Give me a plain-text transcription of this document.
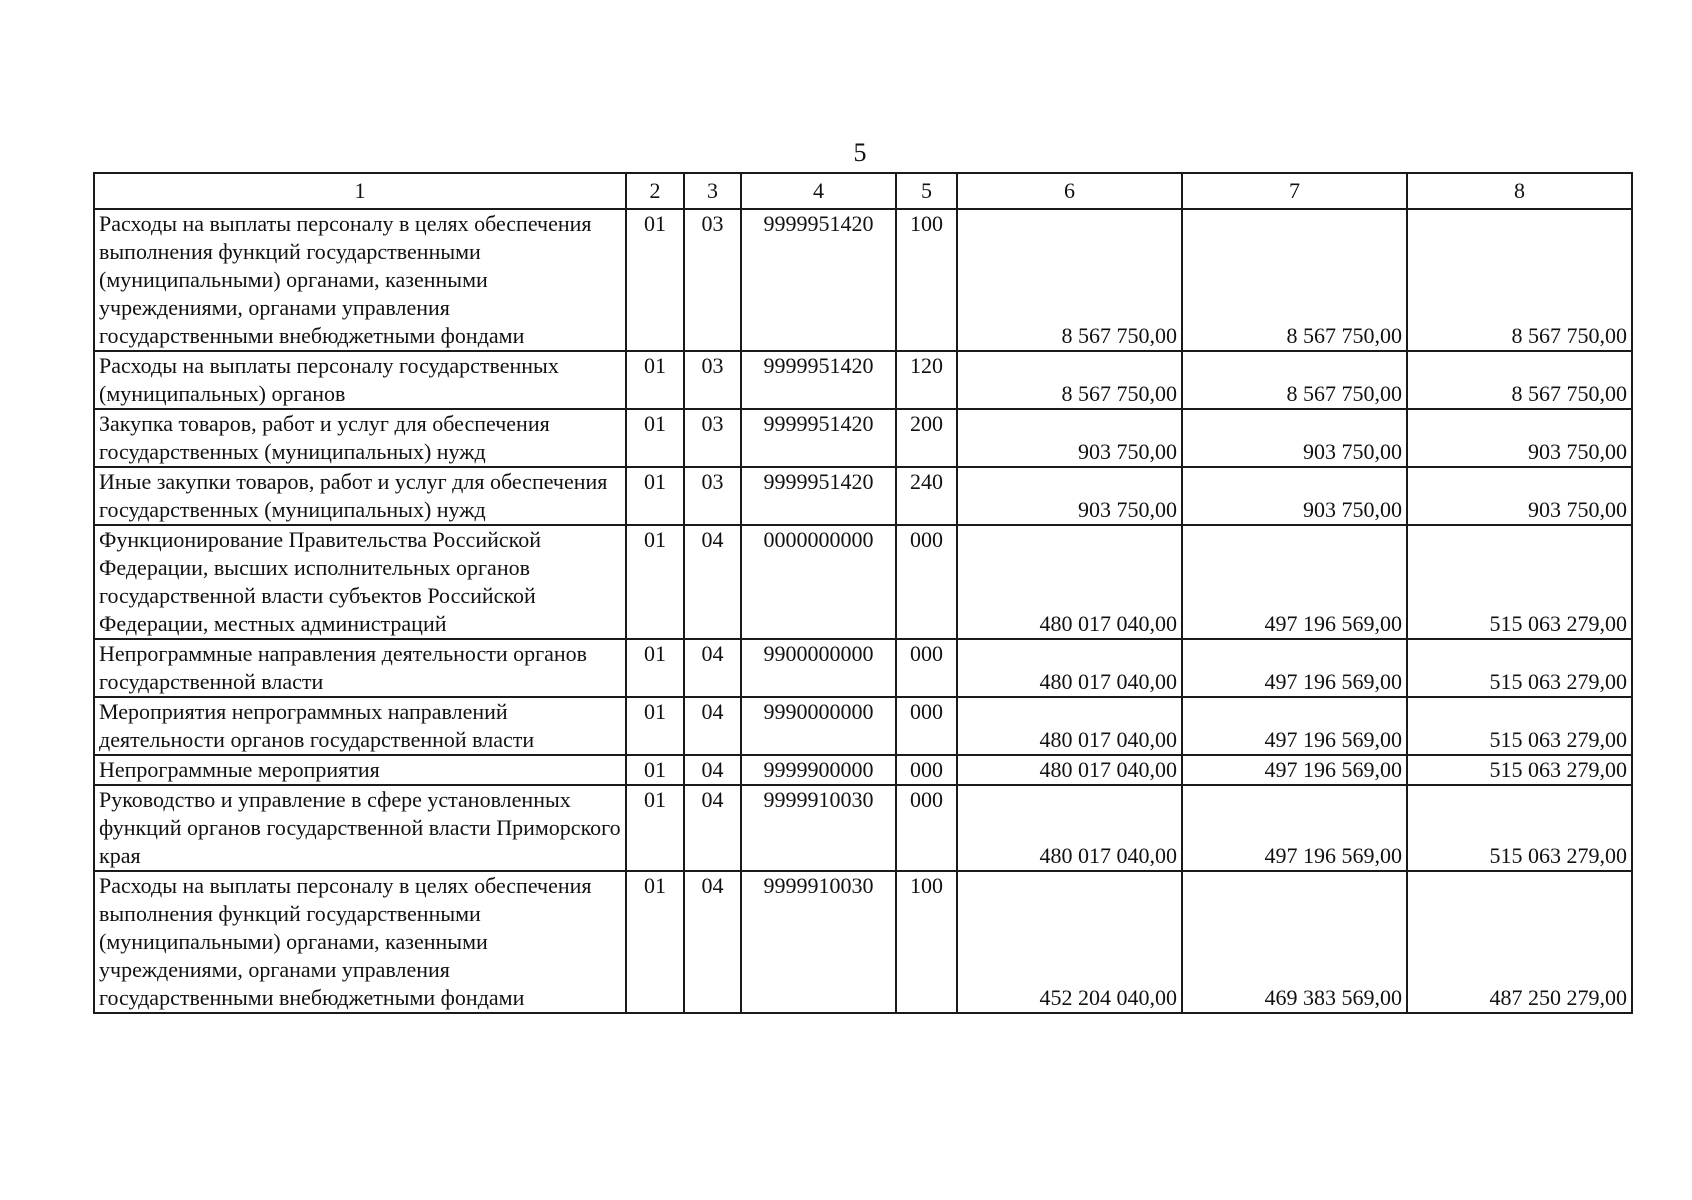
5
1	2	3	4	5	6	7	8
Расходы на выплаты персоналу в целях обеспечения выполнения функций государственными (муниципальными) органами, казенными учреждениями, органами управления государственными внебюджетными фондами	01	03	9999951420	100	8 567 750,00	8 567 750,00	8 567 750,00
Расходы на выплаты персоналу государственных (муниципальных) органов	01	03	9999951420	120	8 567 750,00	8 567 750,00	8 567 750,00
Закупка товаров, работ и услуг для обеспечения государственных (муниципальных) нужд	01	03	9999951420	200	903 750,00	903 750,00	903 750,00
Иные закупки товаров, работ и услуг для обеспечения государственных (муниципальных) нужд	01	03	9999951420	240	903 750,00	903 750,00	903 750,00
Функционирование Правительства Российской Федерации, высших исполнительных органов государственной власти субъектов Российской Федерации, местных администраций	01	04	0000000000	000	480 017 040,00	497 196 569,00	515 063 279,00
Непрограммные направления деятельности органов государственной власти	01	04	9900000000	000	480 017 040,00	497 196 569,00	515 063 279,00
Мероприятия непрограммных направлений деятельности органов государственной власти	01	04	9990000000	000	480 017 040,00	497 196 569,00	515 063 279,00
Непрограммные мероприятия	01	04	9999900000	000	480 017 040,00	497 196 569,00	515 063 279,00
Руководство и управление в сфере установленных функций органов государственной власти Приморского края	01	04	9999910030	000	480 017 040,00	497 196 569,00	515 063 279,00
Расходы на выплаты персоналу в целях обеспечения выполнения функций государственными (муниципальными) органами, казенными учреждениями, органами управления государственными внебюджетными фондами	01	04	9999910030	100	452 204 040,00	469 383 569,00	487 250 279,00
